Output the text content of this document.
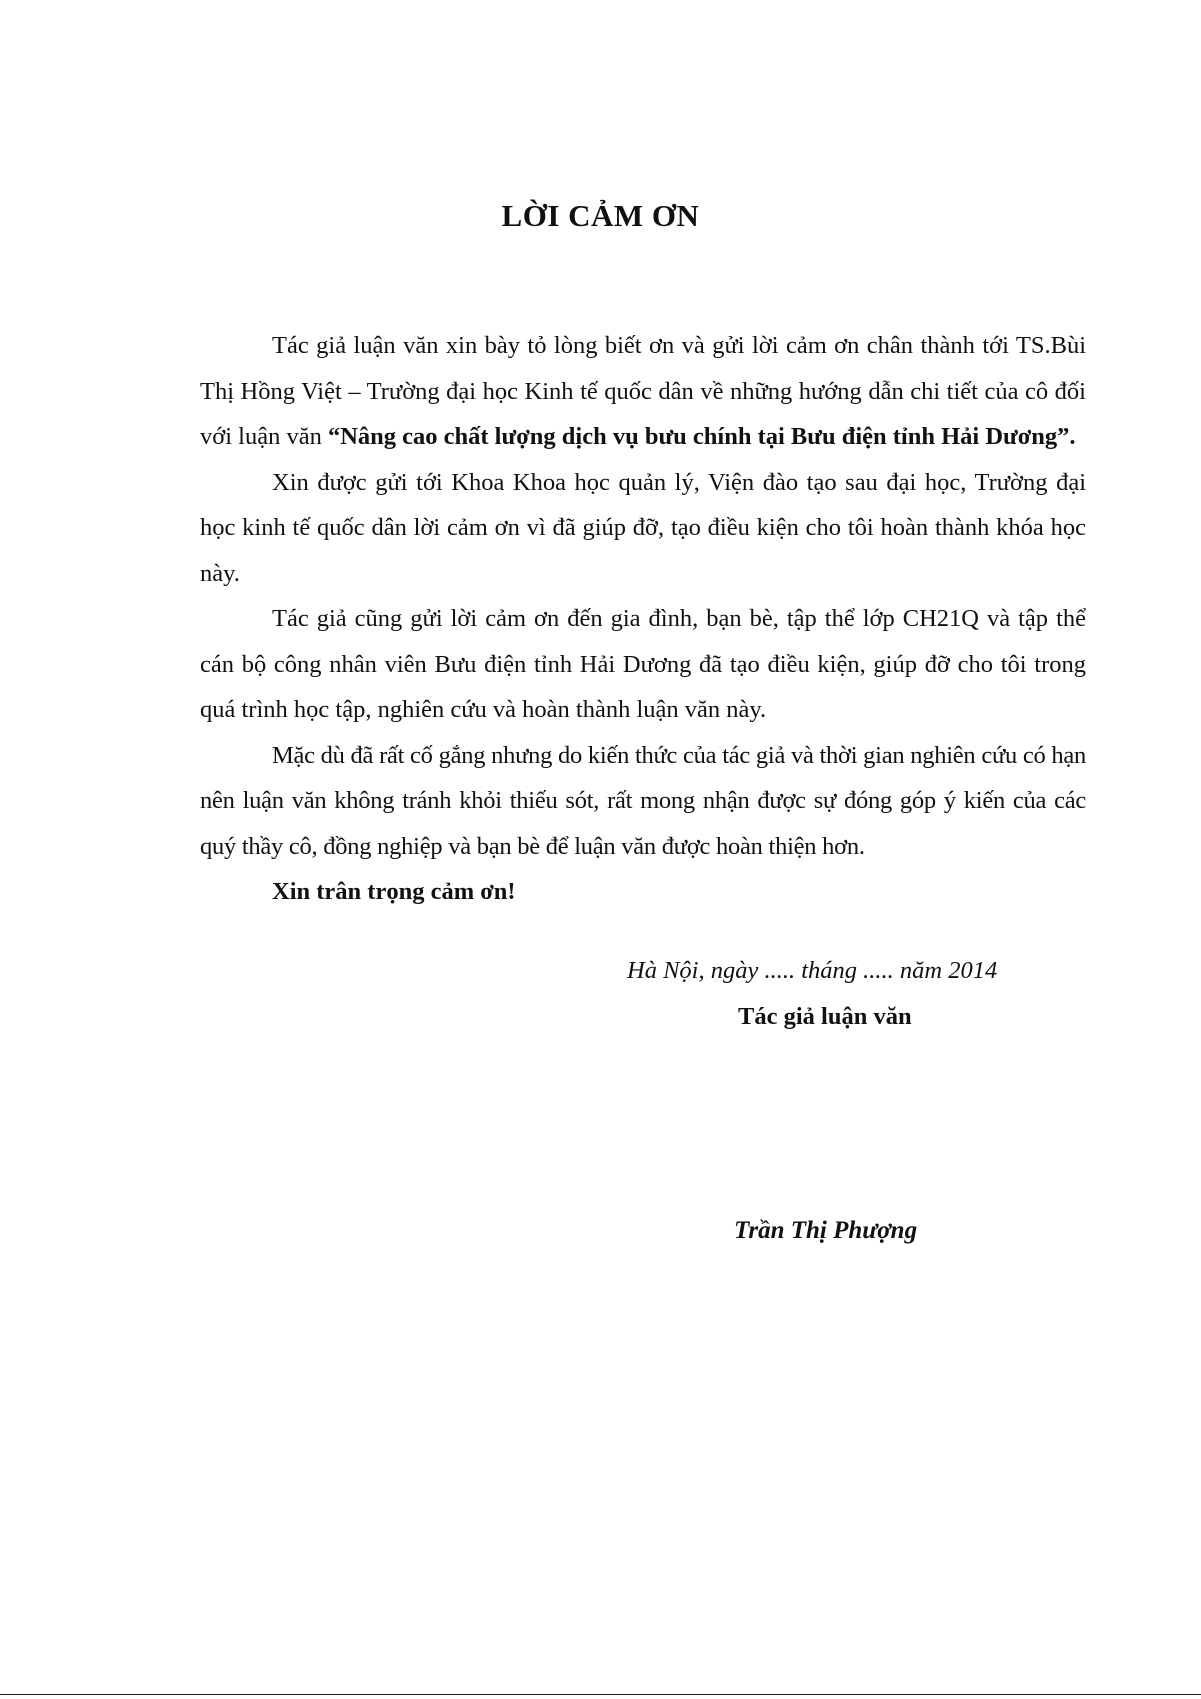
LỜI CẢM ƠN

Tác giả luận văn xin bày tỏ lòng biết ơn và gửi lời cảm ơn chân thành tới TS.Bùi Thị Hồng Việt – Trường đại học Kinh tế quốc dân về những hướng dẫn chi tiết của cô đối với luận văn “Nâng cao chất lượng dịch vụ bưu chính tại Bưu điện tỉnh Hải Dương”.

Xin được gửi tới Khoa Khoa học quản lý, Viện đào tạo sau đại học, Trường đại học kinh tế quốc dân lời cảm ơn vì đã giúp đỡ, tạo điều kiện cho tôi hoàn thành khóa học này.

Tác giả cũng gửi lời cảm ơn đến gia đình, bạn bè, tập thể lớp CH21Q và tập thể cán bộ công nhân viên Bưu điện tỉnh Hải Dương đã tạo điều kiện, giúp đỡ cho tôi trong quá trình học tập, nghiên cứu và hoàn thành luận văn này.

Mặc dù đã rất cố gắng nhưng do kiến thức của tác giả và thời gian nghiên cứu có hạn nên luận văn không tránh khỏi thiếu sót, rất mong nhận được sự đóng góp ý kiến của các quý thầy cô, đồng nghiệp và bạn bè để luận văn được hoàn thiện hơn.

Xin trân trọng cảm ơn!

Hà Nội, ngày ..... tháng ..... năm 2014
Tác giả luận văn
Trần Thị Phượng
